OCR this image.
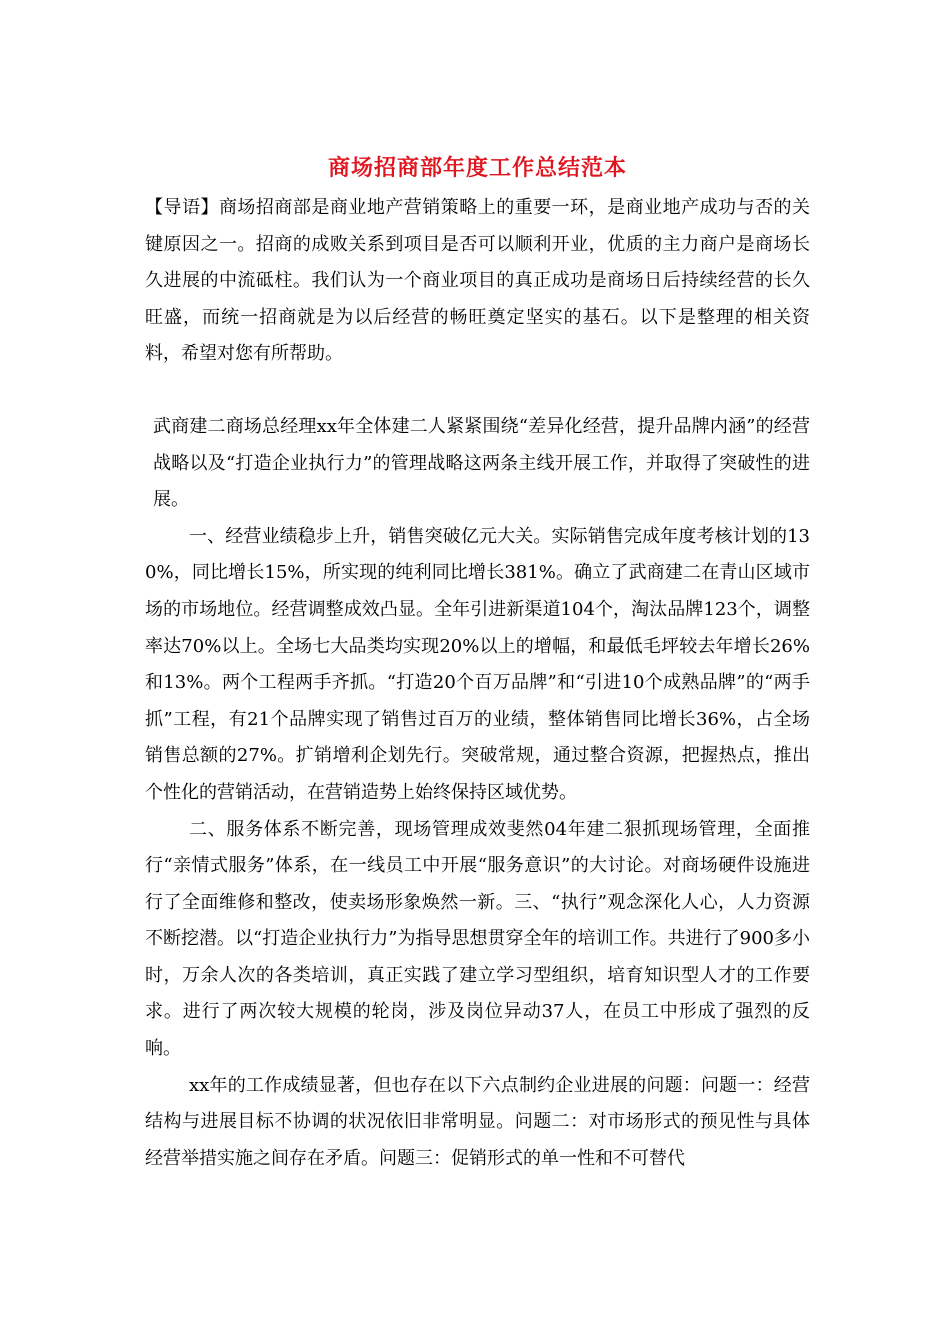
商场招商部年度工作总结范本

【导语】商场招商部是商业地产营销策略上的重要一环，是商业地产成功与否的关键原因之一。招商的成败关系到项目是否可以顺利开业，优质的主力商户是商场长久进展的中流砥柱。我们认为一个商业项目的真正成功是商场日后持续经营的长久旺盛，而统一招商就是为以后经营的畅旺奠定坚实的基石。以下是整理的相关资料，希望对您有所帮助。

武商建二商场总经理xx年全体建二人紧紧围绕“差异化经营，提升品牌内涵”的经营战略以及“打造企业执行力”的管理战略这两条主线开展工作，并取得了突破性的进展。

一、经营业绩稳步上升，销售突破亿元大关。实际销售完成年度考核计划的130%，同比增长15%，所实现的纯利同比增长381%。确立了武商建二在青山区域市场的市场地位。经营调整成效凸显。全年引进新渠道104个，淘汰品牌123个，调整率达70%以上。全场七大品类均实现20%以上的增幅，和最低毛坪较去年增长26%和13%。两个工程两手齐抓。“打造20个百万品牌”和“引进10个成熟品牌”的“两手抓”工程，有21个品牌实现了销售过百万的业绩，整体销售同比增长36%，占全场销售总额的27%。扩销增利企划先行。突破常规，通过整合资源，把握热点，推出个性化的营销活动，在营销造势上始终保持区域优势。

二、服务体系不断完善，现场管理成效斐然04年建二狠抓现场管理，全面推行“亲情式服务”体系，在一线员工中开展“服务意识”的大讨论。对商场硬件设施进行了全面维修和整改，使卖场形象焕然一新。三、“执行”观念深化人心，人力资源不断挖潜。以“打造企业执行力”为指导思想贯穿全年的培训工作。共进行了900多小时，万余人次的各类培训，真正实践了建立学习型组织，培育知识型人才的工作要求。进行了两次较大规模的轮岗，涉及岗位异动37人，在员工中形成了强烈的反响。

xx年的工作成绩显著，但也存在以下六点制约企业进展的问题：问题一：经营结构与进展目标不协调的状况依旧非常明显。问题二：对市场形式的预见性与具体经营举措实施之间存在矛盾。问题三：促销形式的单一性和不可替代
